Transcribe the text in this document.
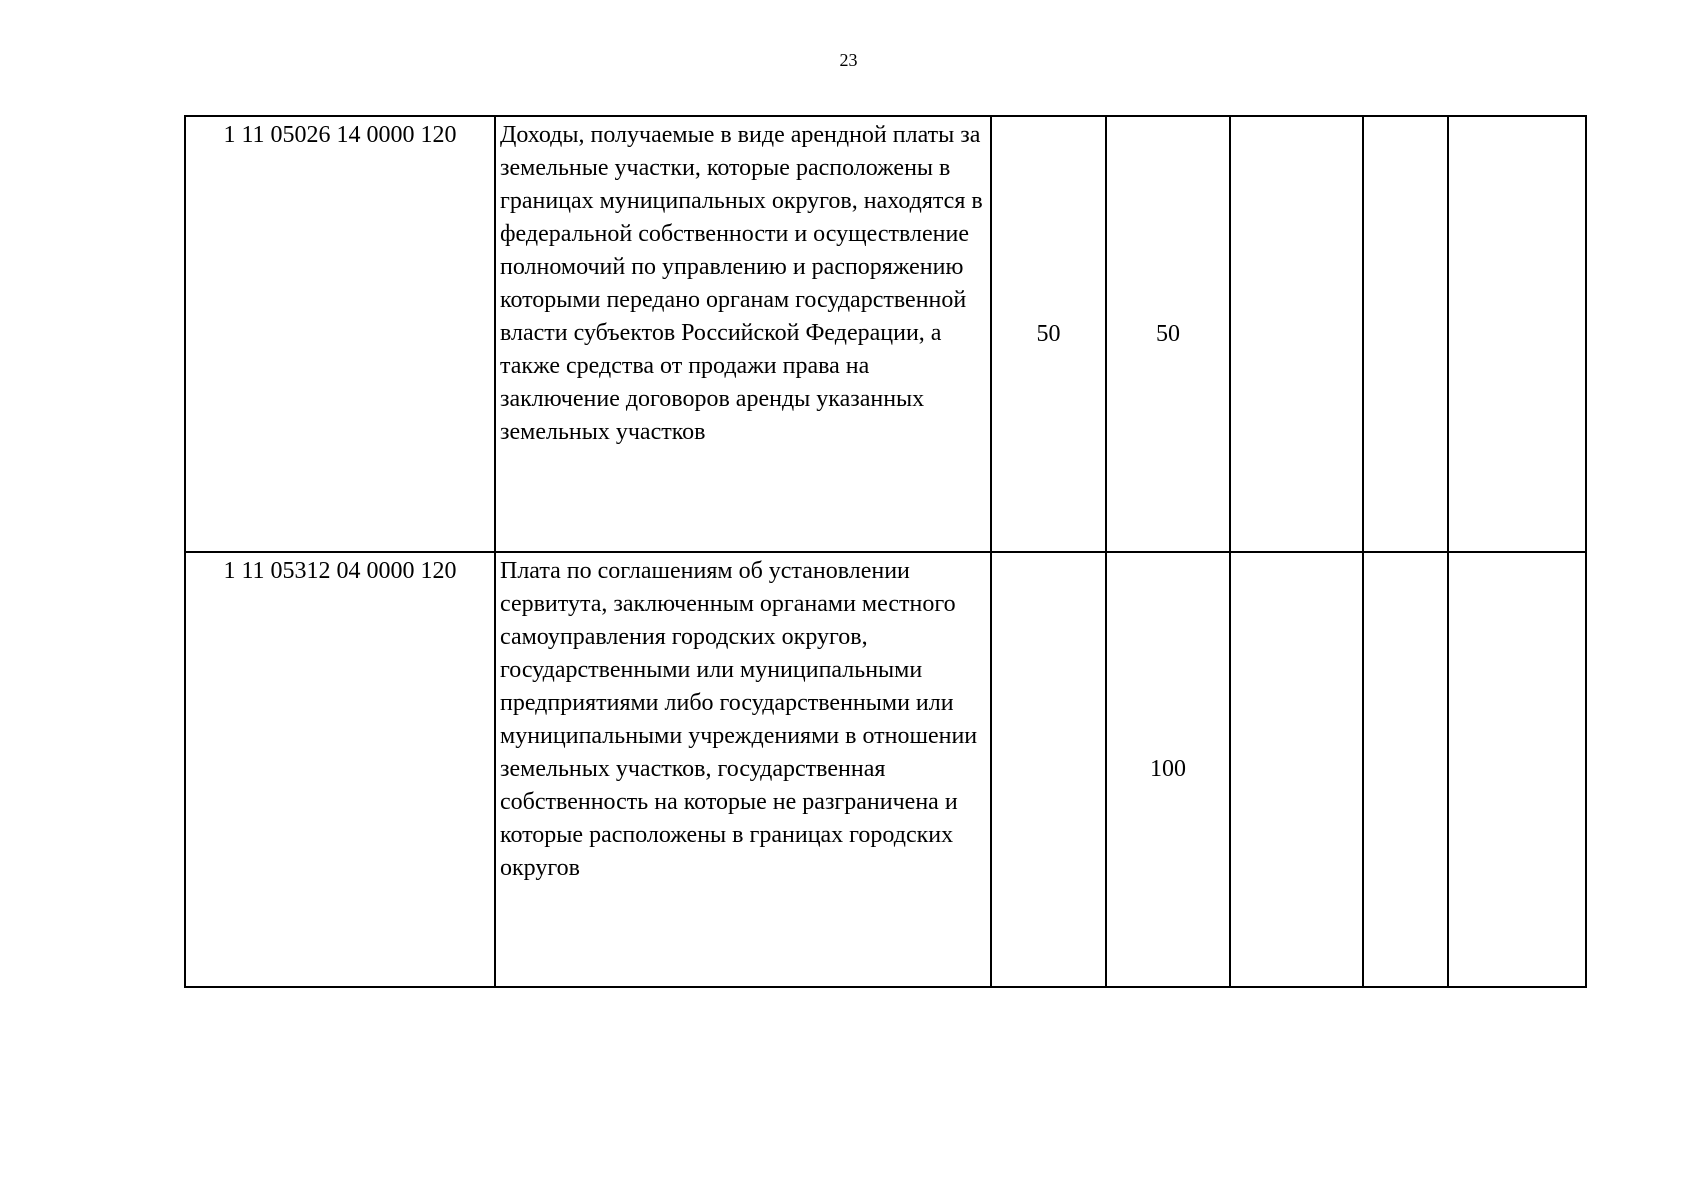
23
1 11 05026 14 0000 120	Доходы, получаемые в виде арендной платы за земельные участки, которые расположены в границах муниципальных округов, находятся в федеральной собственности и осуществление полномочий по управлению и распоряжению которыми передано органам государственной власти субъектов Российской Федерации, а также средства от продажи права на заключение договоров аренды указанных земельных участков	50	50			
1 11 05312 04 0000 120	Плата по соглашениям об установлении сервитута, заключенным органами местного самоуправления городских округов, государственными или муниципальными предприятиями либо государственными или муниципальными учреждениями в отношении земельных участков, государственная собственность на которые не разграничена и которые расположены в границах городских округов		100			
